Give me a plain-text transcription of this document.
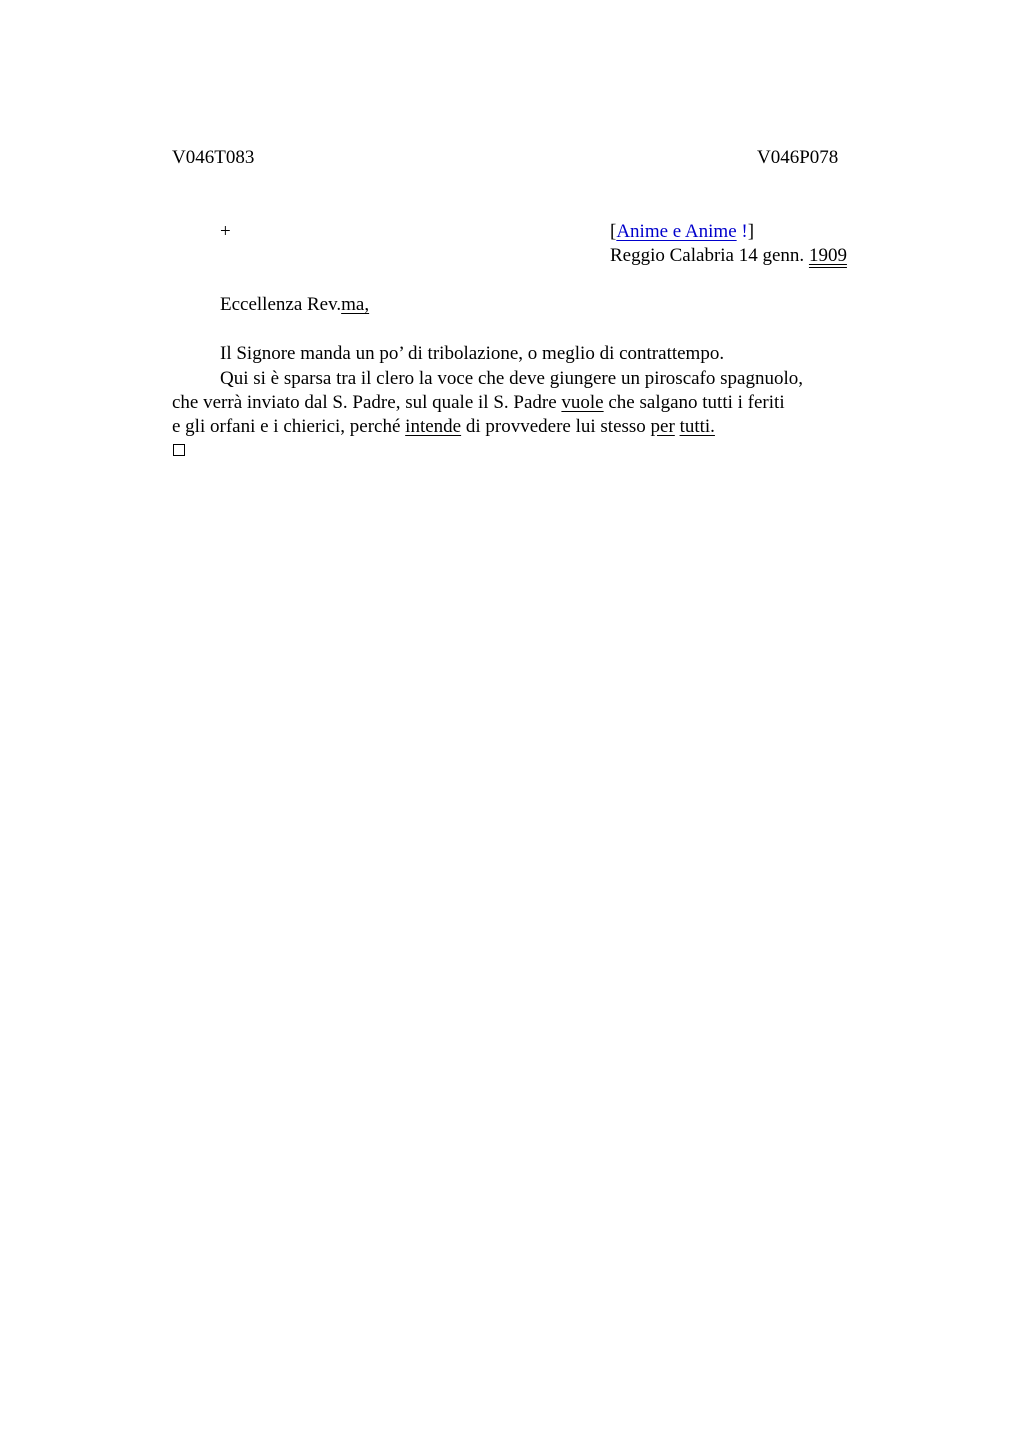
V046T083	V046P078
+	[Anime e Anime !]
Reggio Calabria 14 genn. 1909
Eccellenza Rev.ma,
Il Signore manda un po’ di tribolazione, o meglio di contrattempo.
Qui si è sparsa tra il clero la voce che deve giungere un piroscafo spagnuolo,
che verrà inviato dal S. Padre, sul quale il S. Padre vuole che salgano tutti i feriti
e gli orfani e i chierici, perché intende di provvedere lui stesso per tutti.
